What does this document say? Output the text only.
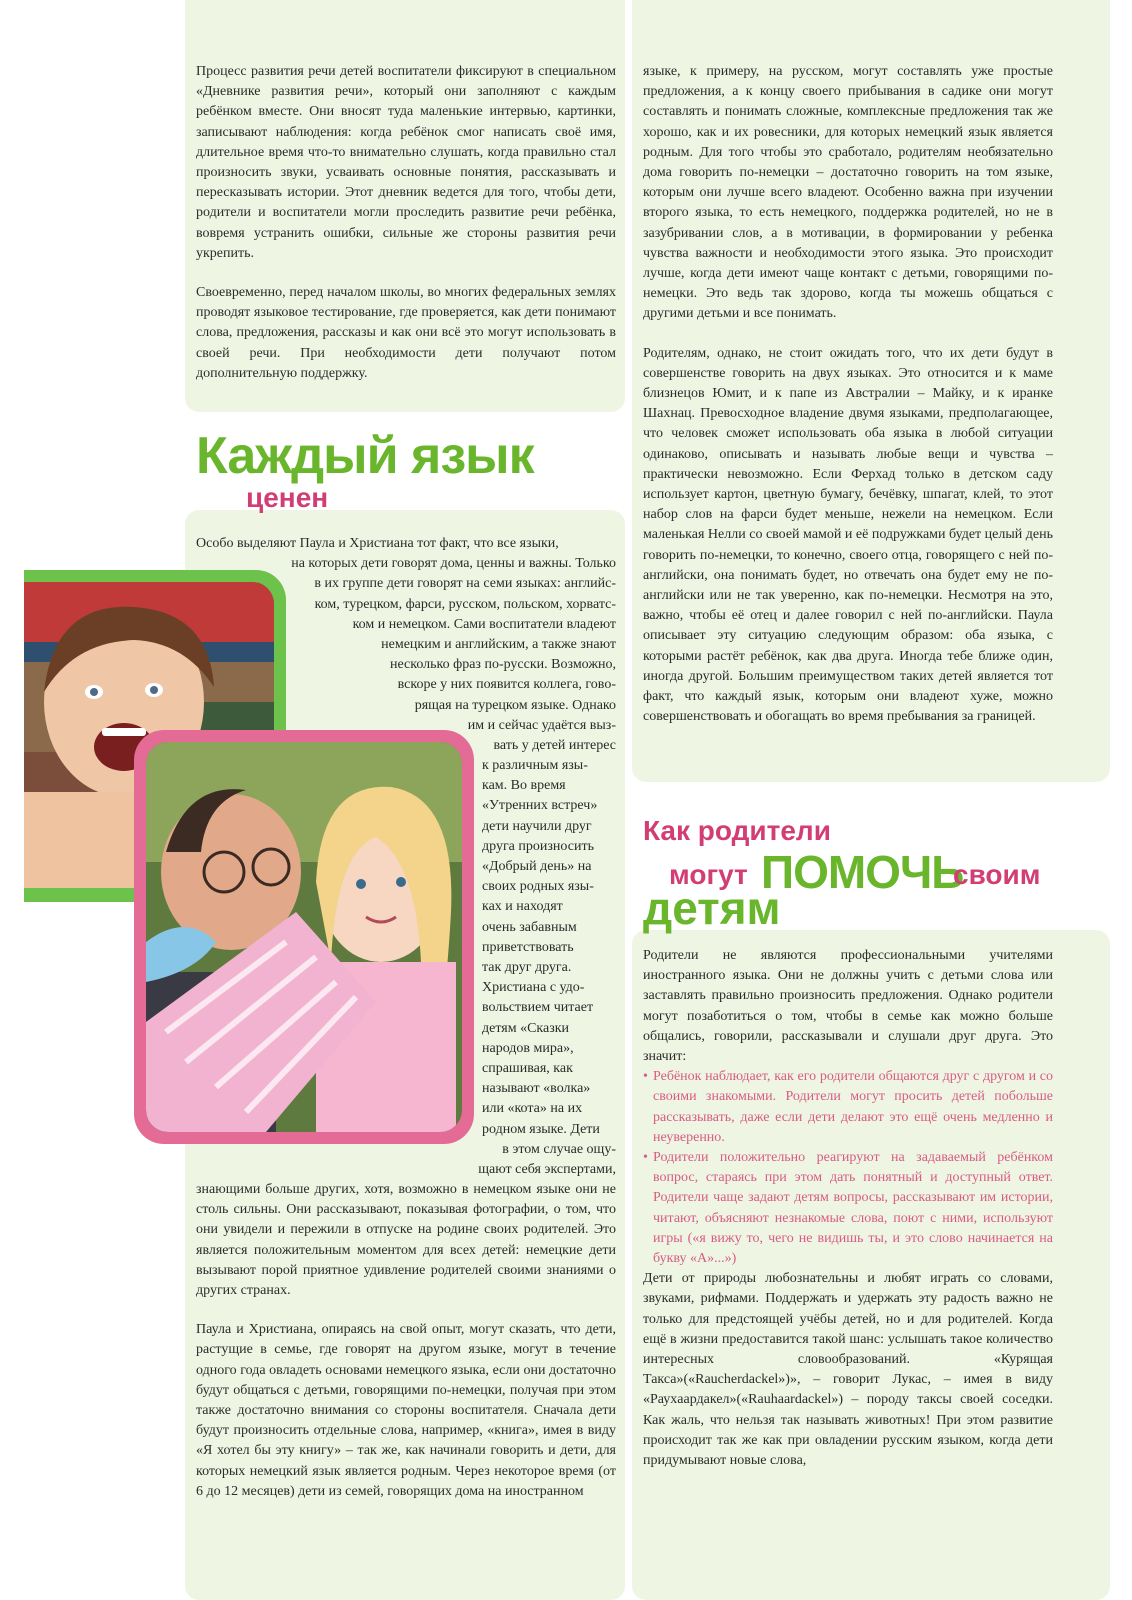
Процесс развития речи детей воспитатели фиксируют в специальном «Дневнике развития речи», который они заполняют с каждым ребёнком вместе. Они вносят туда маленькие интервью, картинки, записывают наблюдения: когда ребёнок смог написать своё имя, длительное время что-то внимательно слушать, когда правильно стал произносить звуки, усваивать основные понятия, рассказывать и пересказывать истории. Этот дневник ведется для того, чтобы дети, родители и воспитатели могли проследить развитие речи ребёнка, вовремя устранить ошибки, сильные же стороны развития речи укрепить.

Своевременно, перед началом школы, во многих федеральных землях проводят языковое тестирование, где проверяется, как дети понимают слова, предложения, рассказы и как они всё это могут использовать в своей речи. При необходимости дети получают потом дополнительную поддержку.

Каждый язык
ценен
Особо выделяют Паула и Христиана тот факт, что все языки,
на которых дети говорят дома, ценны и важны. Только
в их группе дети говорят на семи языках: английс-
ком, турецком, фарси, русском, польском, хорватс-
ком и немецком. Сами воспитатели владеют
немецким и английским, а также знают
несколько фраз по-русски. Возможно,
вскоре у них появится коллега, гово-
рящая на турецком языке. Однако
им и сейчас удаётся выз-
вать у детей интерес
к различным язы-
кам. Во время
«Утренних встреч»
дети научили друг
друга произносить
«Добрый день» на
своих родных язы-
ках и находят
очень забавным
приветствовать
так друг друга.
Христиана с удо-
вольствием читает
детям «Сказки
народов мира»,
спрашивая, как
называют «волка»
или «кота» на их
родном языке. Дети
в этом случае ощу-
щают себя экспертами,

знающими больше других, хотя, возможно в немецком языке они не столь сильны. Они рассказывают, показывая фотографии, о том, что они увидели и пережили в отпуске на родине своих родителей. Это является положительным моментом для всех детей: немецкие дети вызывают порой приятное удивление родителей своими знаниями о других странах.

Паула и Христиана, опираясь на свой опыт, могут сказать, что дети, растущие в семье, где говорят на другом языке, могут в течение одного года овладеть основами немецкого языка, если они достаточно будут общаться с детьми, говорящими по-немецки, получая при этом также достаточно внимания со стороны воспитателя. Сначала дети будут произносить отдельные слова, например, «книга», имея в виду «Я хотел бы эту книгу» – так же, как начинали говорить и дети, для которых немецкий язык является родным. Через некоторое время (от 6 до 12 месяцев) дети из семей, говорящих дома на иностранном

языке, к примеру, на русском, могут составлять уже простые предложения, а к концу своего прибывания в садике они могут составлять и понимать сложные, комплексные предложения так же хорошо, как и их ровесники, для которых немецкий язык является родным. Для того чтобы это сработало, родителям необязательно дома говорить по-немецки – достаточно говорить на том языке, которым они лучше всего владеют. Особенно важна при изучении второго языка, то есть немецкого, поддержка родителей, но не в зазубривании слов, а в мотивации, в формировании у ребенка чувства важности и необходимости этого языка. Это происходит лучше, когда дети имеют чаще контакт с детьми, говорящими по-немецки. Это ведь так здорово, когда ты можешь общаться с другими детьми и все понимать.

Родителям, однако, не стоит ожидать того, что их дети будут в совершенстве говорить на двух языках. Это относится и к маме близнецов Юмит, и к папе из Австралии – Майку, и к иранке Шахнац. Превосходное владение двумя языками, предполагающее, что человек сможет использовать оба языка в любой ситуации одинаково, описывать и называть любые вещи и чувства – практически невозможно. Если Ферхад только в детском саду использует картон, цветную бумагу, бечёвку, шпагат, клей, то этот набор слов на фарси будет меньше, нежели на немецком. Если маленькая Нелли со своей мамой и её подружками будет целый день говорить по-немецки, то конечно, своего отца, говорящего с ней по-английски, она понимать будет, но отвечать она будет ему не по-английски или не так уверенно, как по-немецки. Несмотря на это, важно, чтобы её отец и далее говорил с ней по-английски. Паула описывает эту ситуацию следующим образом: оба языка, с которыми растёт ребёнок, как два друга. Иногда тебе ближе один, иногда другой. Большим преимуществом таких детей является тот факт, что каждый язык, которым они владеют хуже, можно совершенствовать и обогащать во время пребывания за границей.

Как родители
могут ПОМОЧЬ
своим
детям
Родители не являются профессиональными учителями иностранного языка. Они не должны учить с детьми слова или заставлять правильно произносить предложения. Однако родители могут позаботиться о том, чтобы в семье как можно больше общались, говорили, рассказывали и слушали друг друга. Это значит:
• Ребёнок наблюдает, как его родители общаются друг с другом и со своими знакомыми. Родители могут просить детей побольше рассказывать, даже если дети делают это ещё очень медленно и неуверенно.
• Родители положительно реагируют на задаваемый ребёнком вопрос, стараясь при этом дать понятный и доступный ответ. Родители чаще задают детям вопросы, рассказывают им истории, читают, объясняют незнакомые слова, поют с ними, используют игры («я вижу то, чего не видишь ты, и это слово начинается на букву «А»...»)
Дети от природы любознательны и любят играть со словами, звуками, рифмами. Поддержать и удержать эту радость важно не только для предстоящей учёбы детей, но и для родителей. Когда ещё в жизни предоставится такой шанс: услышать такое количество интересных словообразований. «Курящая Такса»(«Raucherdackel»)», – говорит Лукас, – имея в виду «Рауxаардакел»(«Rauhaardackel») – породу таксы своей соседки. Как жаль, что нельзя так называть животных! При этом развитие происходит так же как при овладении русским языком, когда дети придумывают новые слова,
